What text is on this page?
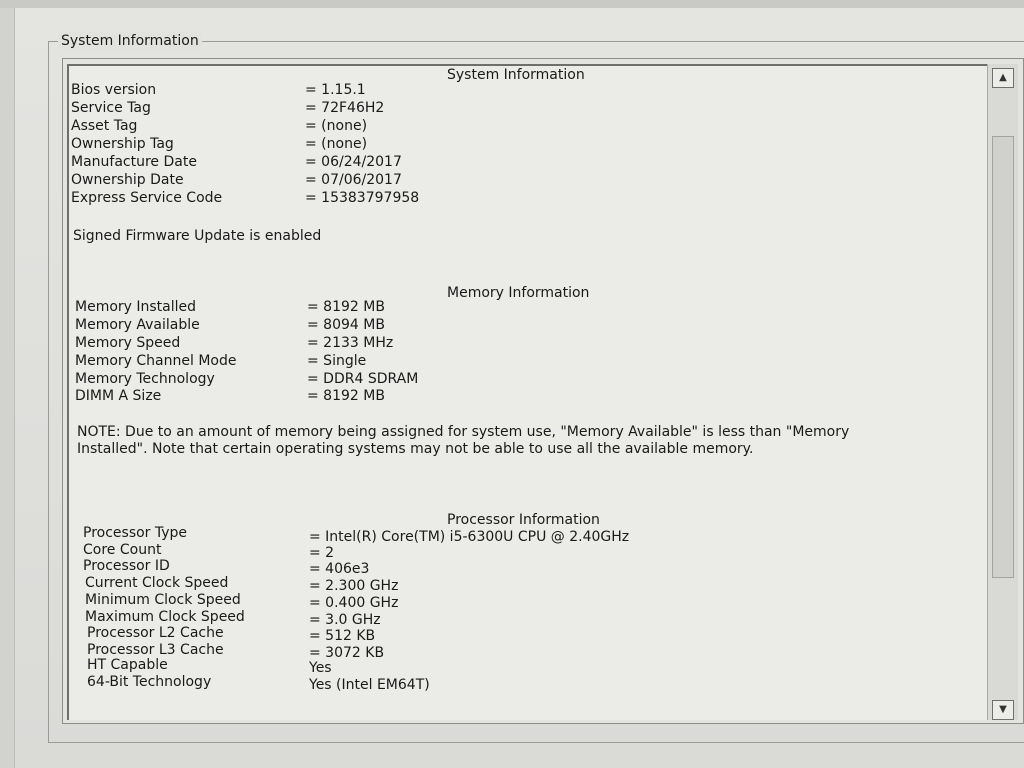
System Information
System Information
Bios version	= 1.15.1
Service Tag	= 72F46H2
Asset Tag	= (none)
Ownership Tag	= (none)
Manufacture Date	= 06/24/2017
Ownership Date	= 07/06/2017
Express Service Code	= 15383797958
Signed Firmware Update is enabled
Memory Information
Memory Installed	= 8192 MB
Memory Available	= 8094 MB
Memory Speed	= 2133 MHz
Memory Channel Mode	= Single
Memory Technology	= DDR4 SDRAM
DIMM A Size	= 8192 MB
NOTE: Due to an amount of memory being assigned for system use, "Memory Available" is less than "Memory Installed". Note that certain operating systems may not be able to use all the available memory.
Processor Information
Processor Type	= Intel(R) Core(TM) i5-6300U CPU @ 2.40GHz
Core Count	= 2
Processor ID	= 406e3
Current Clock Speed	= 2.300 GHz
Minimum Clock Speed	= 0.400 GHz
Maximum Clock Speed	= 3.0 GHz
Processor L2 Cache	= 512 KB
Processor L3 Cache	= 3072 KB
HT Capable	Yes
64-Bit Technology	Yes (Intel EM64T)
▲
▼
